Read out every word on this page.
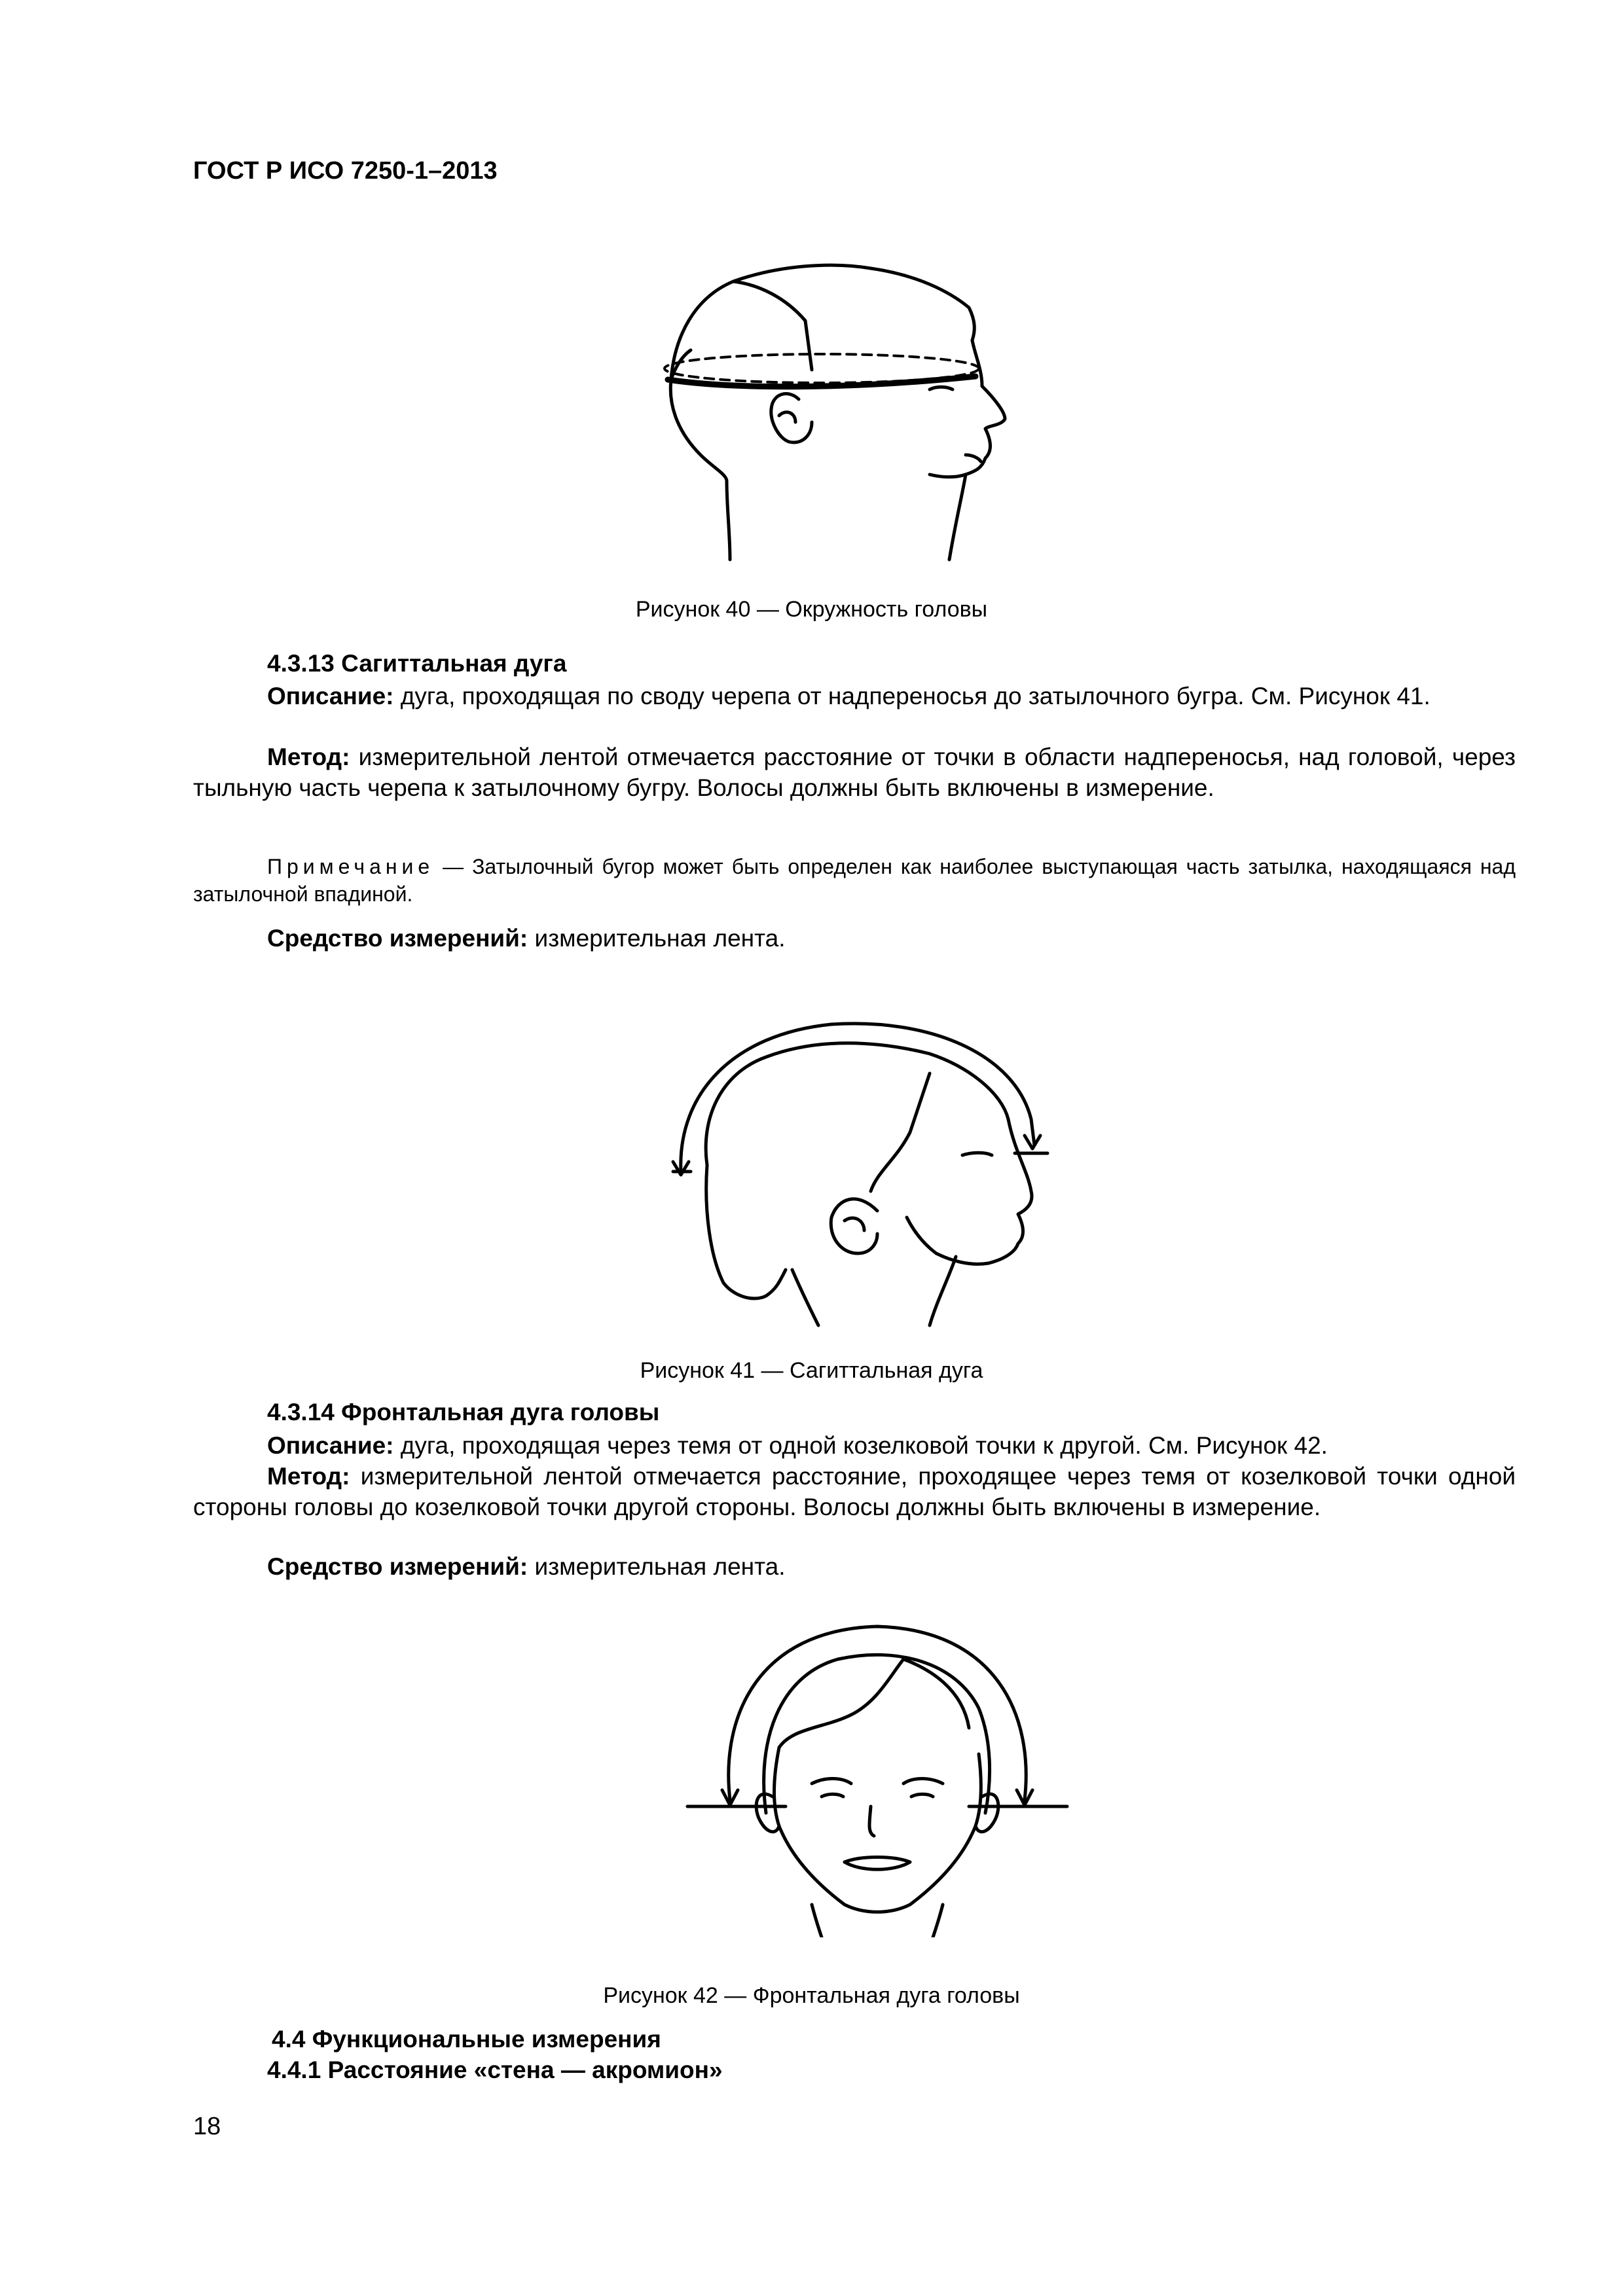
ГОСТ Р ИСО 7250-1–2013
Рисунок 40 — Окружность головы
4.3.13 Сагиттальная дуга
Описание: дуга, проходящая по своду черепа от надпереносья до затылочного бугра. См. Рисунок 41.
Метод: измерительной лентой отмечается расстояние от точки в области надпереносья, над головой, через тыльную часть черепа к затылочному бугру. Волосы должны быть включены в измерение.
Примечание — Затылочный бугор может быть определен как наиболее выступающая часть затылка, находящаяся над затылочной впадиной.
Средство измерений: измерительная лента.
Рисунок 41 — Сагиттальная дуга
4.3.14 Фронтальная дуга головы
Описание: дуга, проходящая через темя от одной козелковой точки к другой. См. Рисунок 42.
Метод: измерительной лентой отмечается расстояние, проходящее через темя от козелковой точки одной стороны головы до козелковой точки другой стороны. Волосы должны быть включены в измерение.
Средство измерений: измерительная лента.
Рисунок 42 — Фронтальная дуга головы
4.4 Функциональные измерения
4.4.1 Расстояние «стена — акромион»
18
